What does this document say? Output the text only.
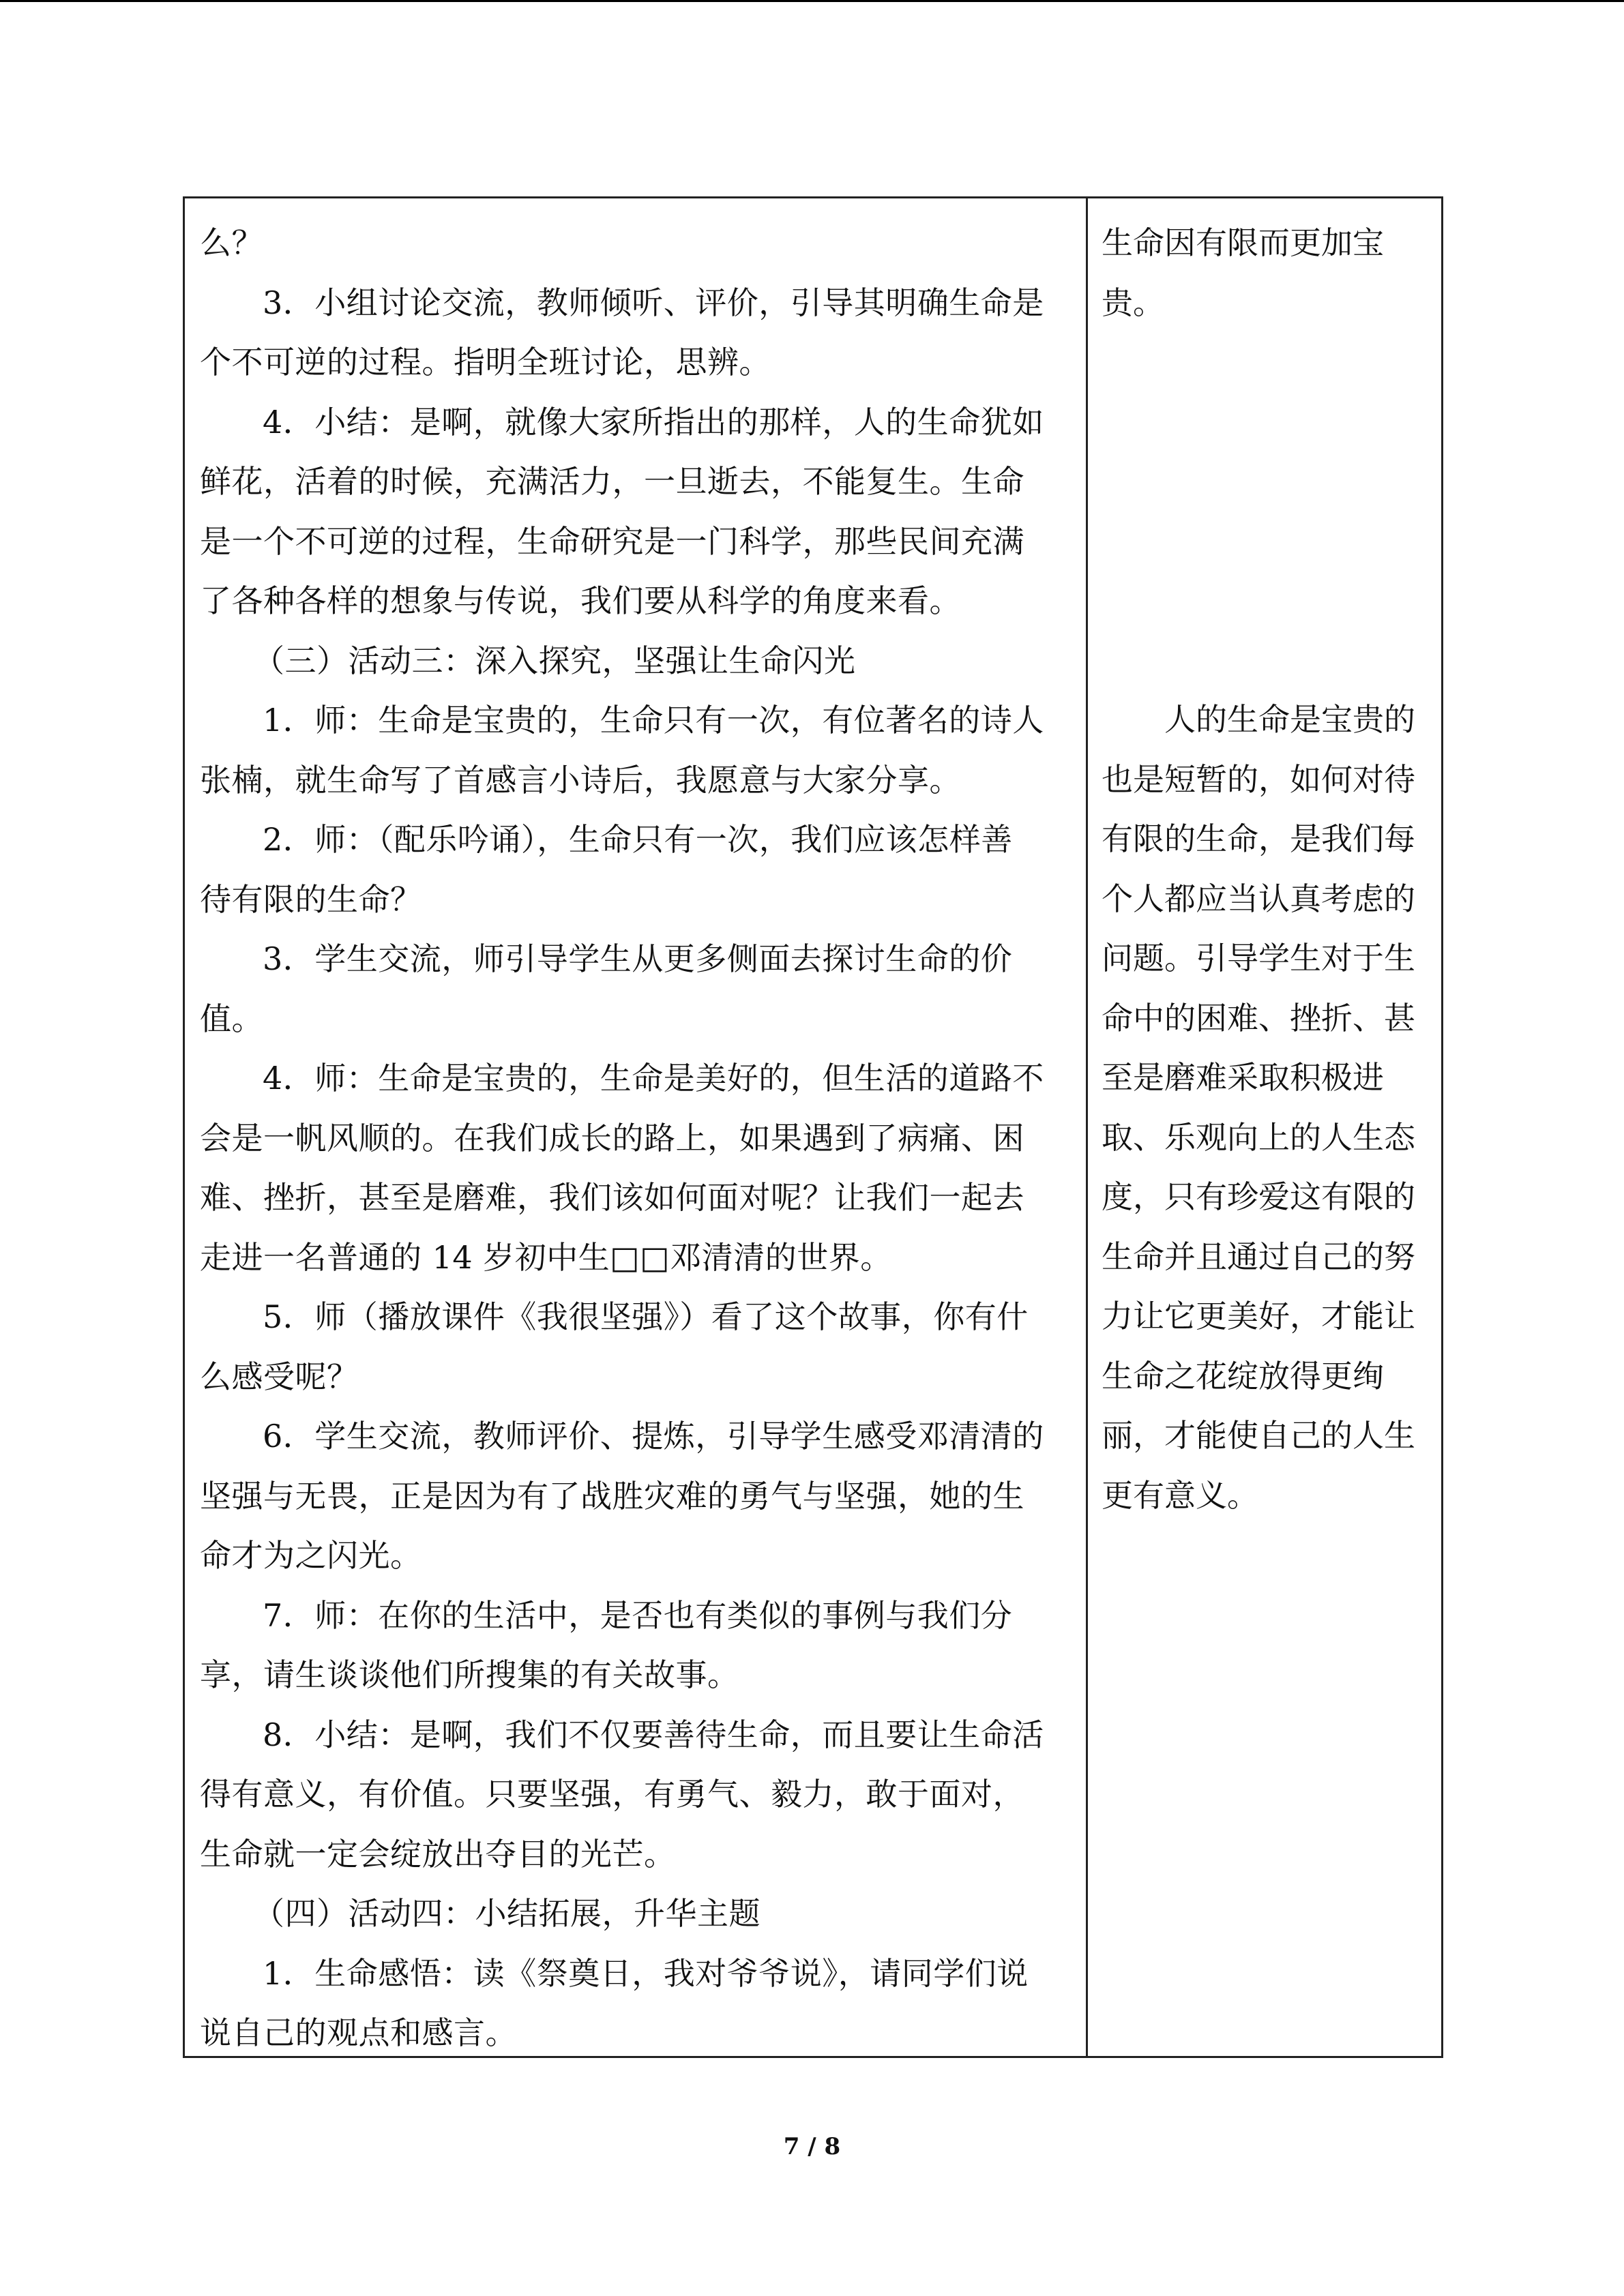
么？
3．小组讨论交流，教师倾听、评价，引导其明确生命是
个不可逆的过程。指明全班讨论，思辨。
4．小结：是啊，就像大家所指出的那样，人的生命犹如
鲜花，活着的时候，充满活力，一旦逝去，不能复生。生命
是一个不可逆的过程，生命研究是一门科学，那些民间充满
了各种各样的想象与传说，我们要从科学的角度来看。
（三）活动三：深入探究，坚强让生命闪光
1．师：生命是宝贵的，生命只有一次，有位著名的诗人
张楠，就生命写了首感言小诗后，我愿意与大家分享。
2．师：（配乐吟诵），生命只有一次，我们应该怎样善
待有限的生命？
3．学生交流，师引导学生从更多侧面去探讨生命的价
值。
4．师：生命是宝贵的，生命是美好的，但生活的道路不
会是一帆风顺的。在我们成长的路上，如果遇到了病痛、困
难、挫折，甚至是磨难，我们该如何面对呢？让我们一起去
走进一名普通的 14 岁初中生□□邓清清的世界。
5．师（播放课件《我很坚强》）看了这个故事，你有什
么感受呢？
6．学生交流，教师评价、提炼，引导学生感受邓清清的
坚强与无畏，正是因为有了战胜灾难的勇气与坚强，她的生
命才为之闪光。
7．师：在你的生活中，是否也有类似的事例与我们分
享，请生谈谈他们所搜集的有关故事。
8．小结：是啊，我们不仅要善待生命，而且要让生命活
得有意义，有价值。只要坚强，有勇气、毅力，敢于面对，
生命就一定会绽放出夺目的光芒。
（四）活动四：小结拓展，升华主题
1．生命感悟：读《祭奠日，我对爷爷说》，请同学们说
说自己的观点和感言。
生命因有限而更加宝
贵。
人的生命是宝贵的
也是短暂的，如何对待
有限的生命，是我们每
个人都应当认真考虑的
问题。引导学生对于生
命中的困难、挫折、甚
至是磨难采取积极进
取、乐观向上的人生态
度，只有珍爱这有限的
生命并且通过自己的努
力让它更美好，才能让
生命之花绽放得更绚
丽，才能使自己的人生
更有意义。
7 / 8
